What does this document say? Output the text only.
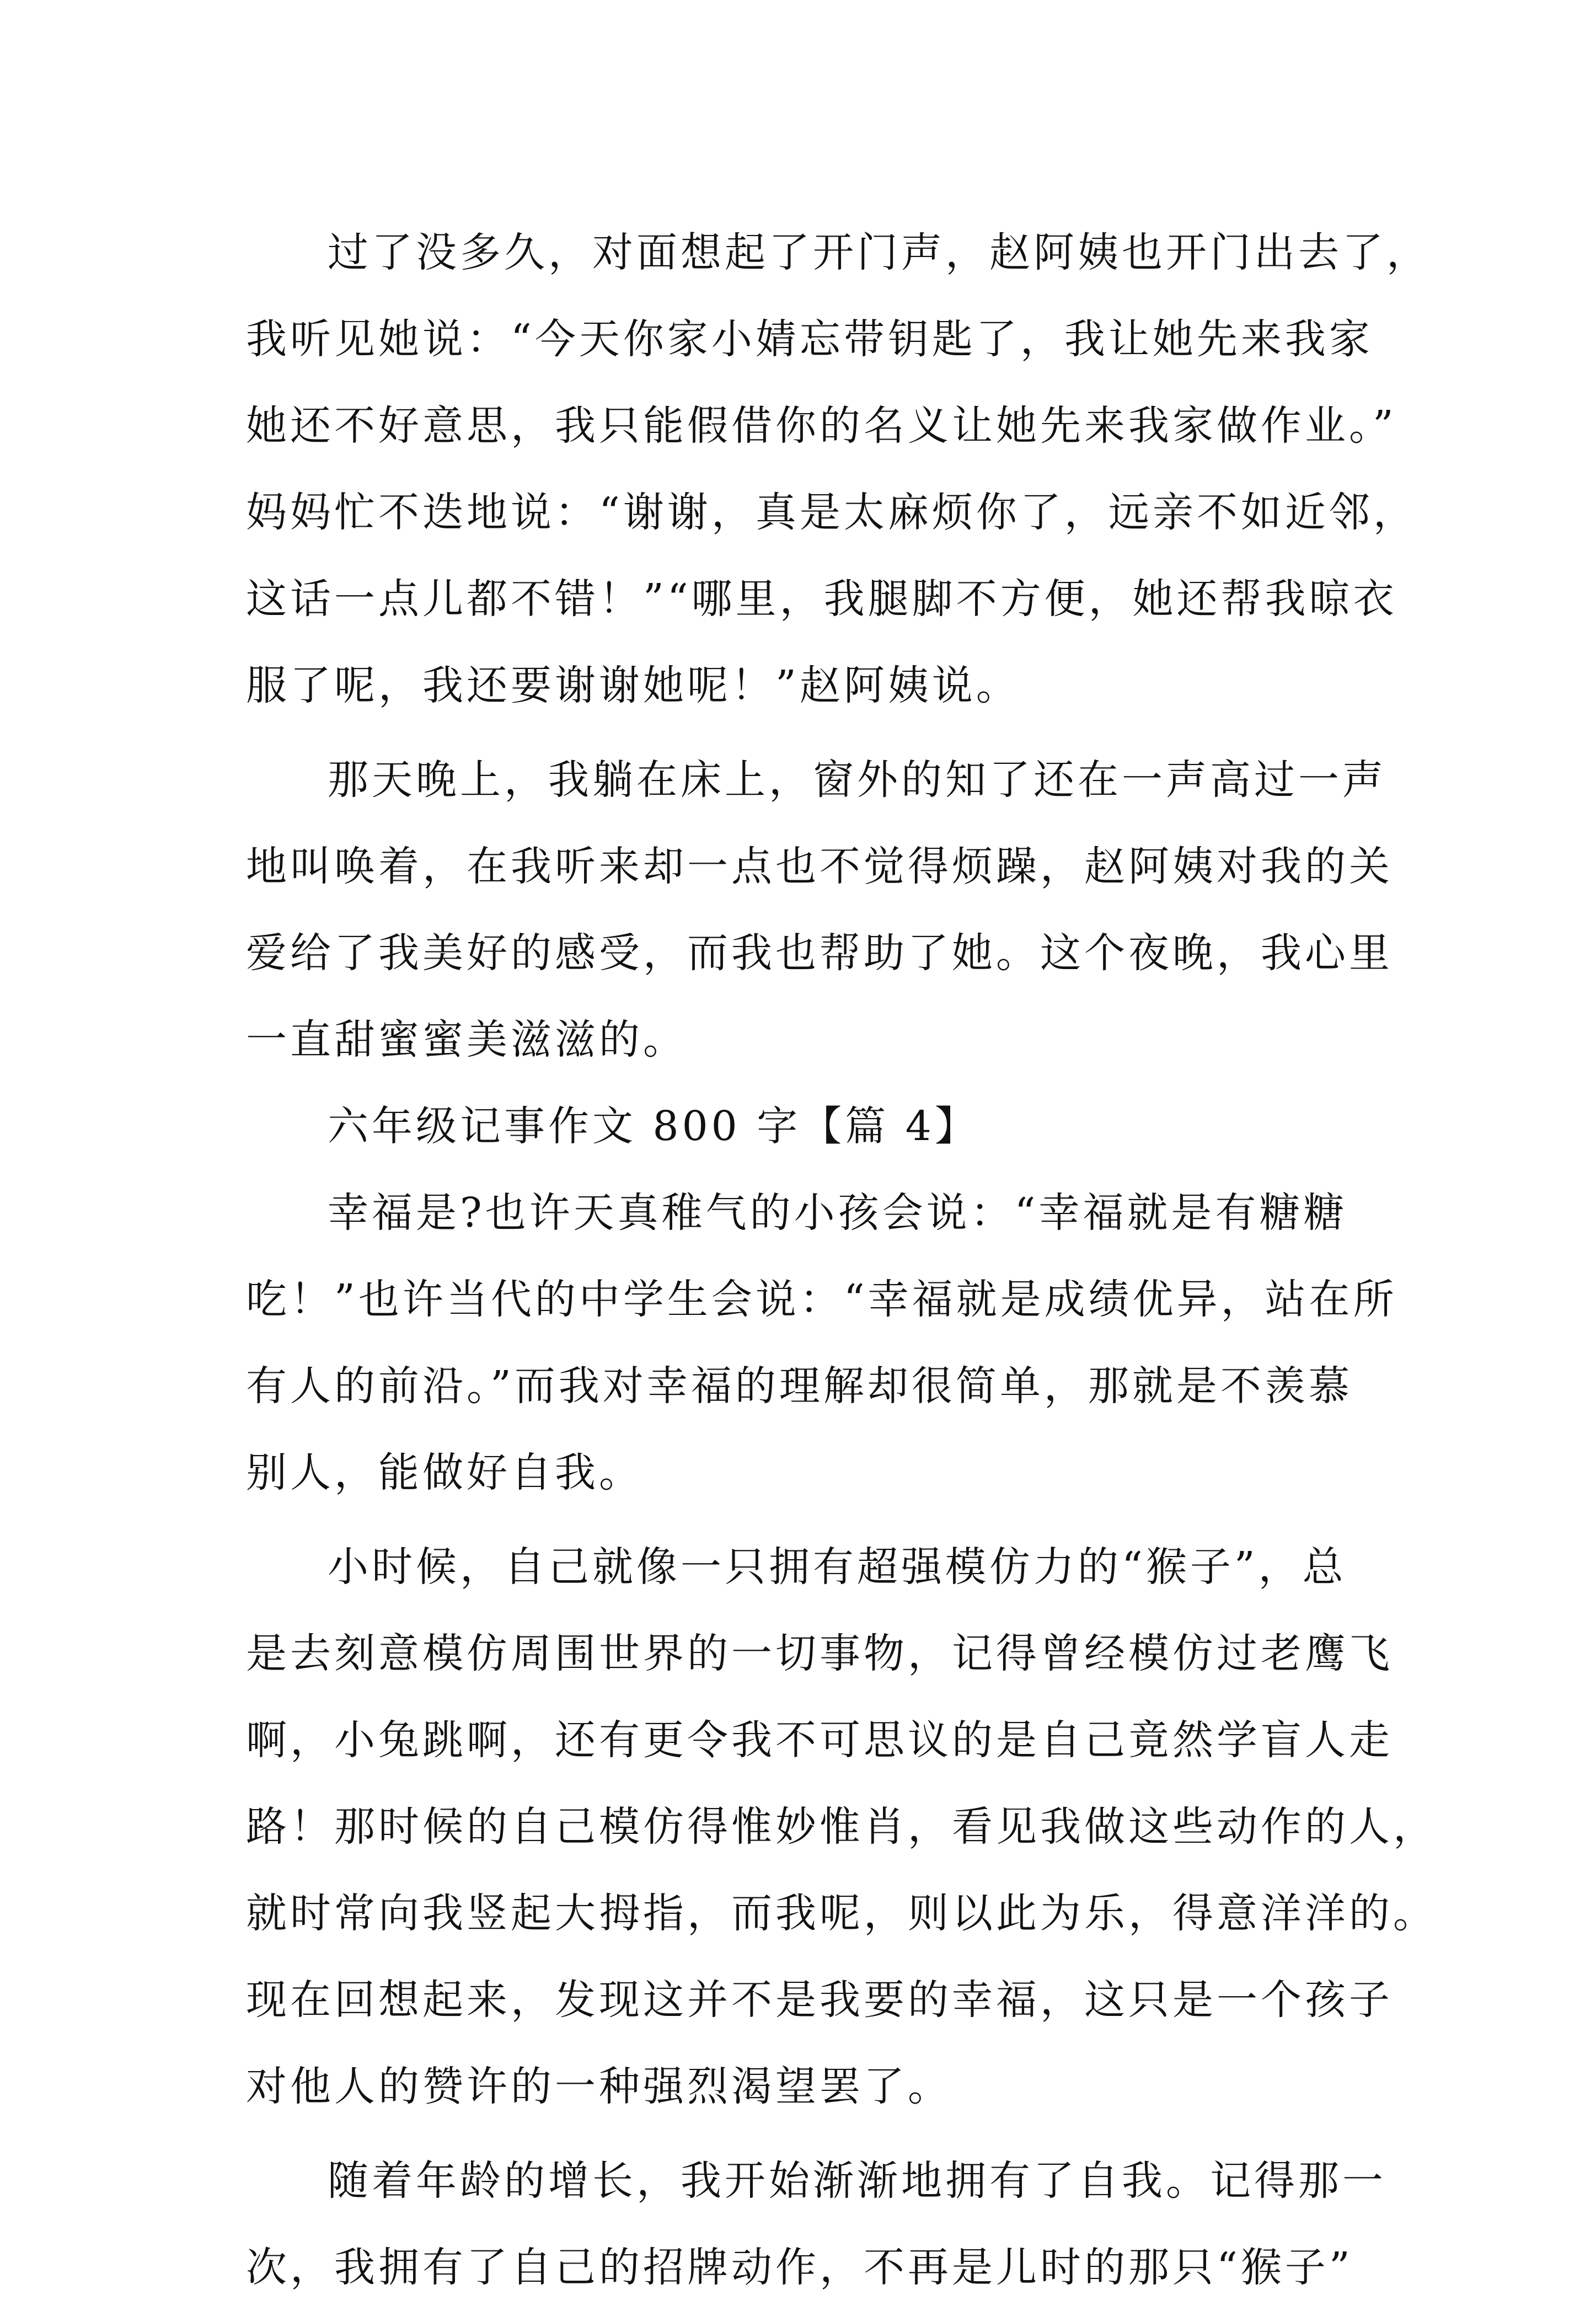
过了没多久，对面想起了开门声，赵阿姨也开门出去了，
我听见她说：“今天你家小婧忘带钥匙了，我让她先来我家
她还不好意思，我只能假借你的名义让她先来我家做作业。”
妈妈忙不迭地说：“谢谢，真是太麻烦你了，远亲不如近邻，
这话一点儿都不错！”“哪里，我腿脚不方便，她还帮我晾衣
服了呢，我还要谢谢她呢！”赵阿姨说。
那天晚上，我躺在床上，窗外的知了还在一声高过一声
地叫唤着，在我听来却一点也不觉得烦躁，赵阿姨对我的关
爱给了我美好的感受，而我也帮助了她。这个夜晚，我心里
一直甜蜜蜜美滋滋的。
六年级记事作文 800 字【篇 4】
幸福是?也许天真稚气的小孩会说：“幸福就是有糖糖
吃！”也许当代的中学生会说：“幸福就是成绩优异，站在所
有人的前沿。”而我对幸福的理解却很简单，那就是不羡慕
别人，能做好自我。
小时候，自己就像一只拥有超强模仿力的“猴子”，总
是去刻意模仿周围世界的一切事物，记得曾经模仿过老鹰飞
啊，小兔跳啊，还有更令我不可思议的是自己竟然学盲人走
路！那时候的自己模仿得惟妙惟肖，看见我做这些动作的人，
就时常向我竖起大拇指，而我呢，则以此为乐，得意洋洋的。
现在回想起来，发现这并不是我要的幸福，这只是一个孩子
对他人的赞许的一种强烈渴望罢了。
随着年龄的增长，我开始渐渐地拥有了自我。记得那一
次，我拥有了自己的招牌动作，不再是儿时的那只“猴子”
